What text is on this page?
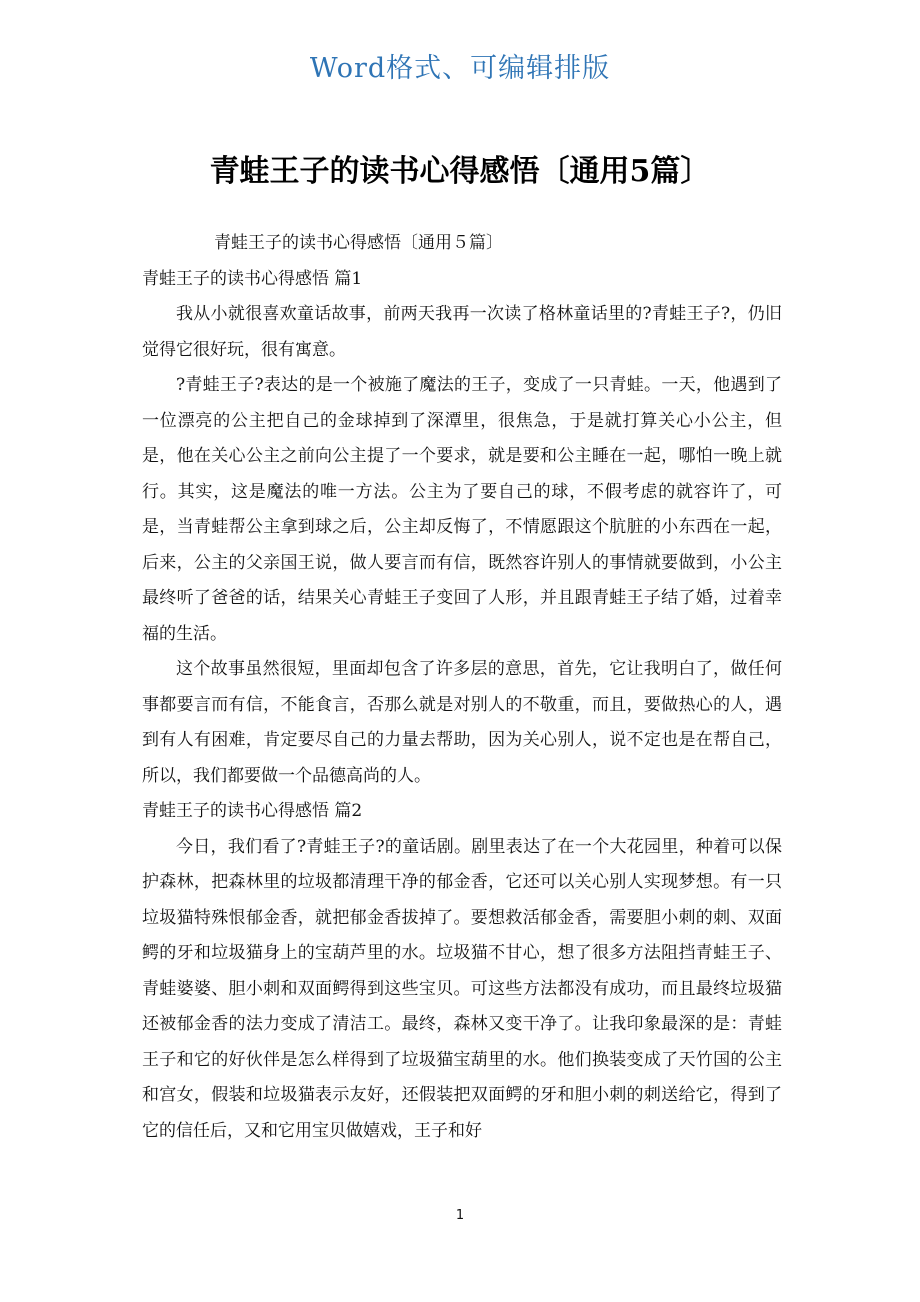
Word格式、可编辑排版
青蛙王子的读书心得感悟〔通用5篇〕
青蛙王子的读书心得感悟〔通用５篇〕
青蛙王子的读书心得感悟 篇1

我从小就很喜欢童话故事，前两天我再一次读了格林童话里的?青蛙王子?，仍旧觉得它很好玩，很有寓意。

?青蛙王子?表达的是一个被施了魔法的王子，变成了一只青蛙。一天，他遇到了一位漂亮的公主把自己的金球掉到了深潭里，很焦急，于是就打算关心小公主，但是，他在关心公主之前向公主提了一个要求，就是要和公主睡在一起，哪怕一晚上就行。其实，这是魔法的唯一方法。公主为了要自己的球，不假考虑的就容许了，可是，当青蛙帮公主拿到球之后，公主却反悔了，不情愿跟这个肮脏的小东西在一起，后来，公主的父亲国王说，做人要言而有信，既然容许别人的事情就要做到，小公主最终听了爸爸的话，结果关心青蛙王子变回了人形，并且跟青蛙王子结了婚，过着幸福的生活。

这个故事虽然很短，里面却包含了许多层的意思，首先，它让我明白了，做任何事都要言而有信，不能食言，否那么就是对别人的不敬重，而且，要做热心的人，遇到有人有困难，肯定要尽自己的力量去帮助，因为关心别人，说不定也是在帮自己，所以，我们都要做一个品德高尚的人。

青蛙王子的读书心得感悟 篇2

今日，我们看了?青蛙王子?的童话剧。剧里表达了在一个大花园里，种着可以保护森林，把森林里的垃圾都清理干净的郁金香，它还可以关心别人实现梦想。有一只垃圾猫特殊恨郁金香，就把郁金香拔掉了。要想救活郁金香，需要胆小刺的刺、双面鳄的牙和垃圾猫身上的宝葫芦里的水。垃圾猫不甘心，想了很多方法阻挡青蛙王子、青蛙婆婆、胆小刺和双面鳄得到这些宝贝。可这些方法都没有成功，而且最终垃圾猫还被郁金香的法力变成了清洁工。最终，森林又变干净了。让我印象最深的是：青蛙王子和它的好伙伴是怎么样得到了垃圾猫宝葫里的水。他们换装变成了天竹国的公主和宫女，假装和垃圾猫表示友好，还假装把双面鳄的牙和胆小刺的刺送给它，得到了它的信任后，又和它用宝贝做嬉戏，王子和好

1
